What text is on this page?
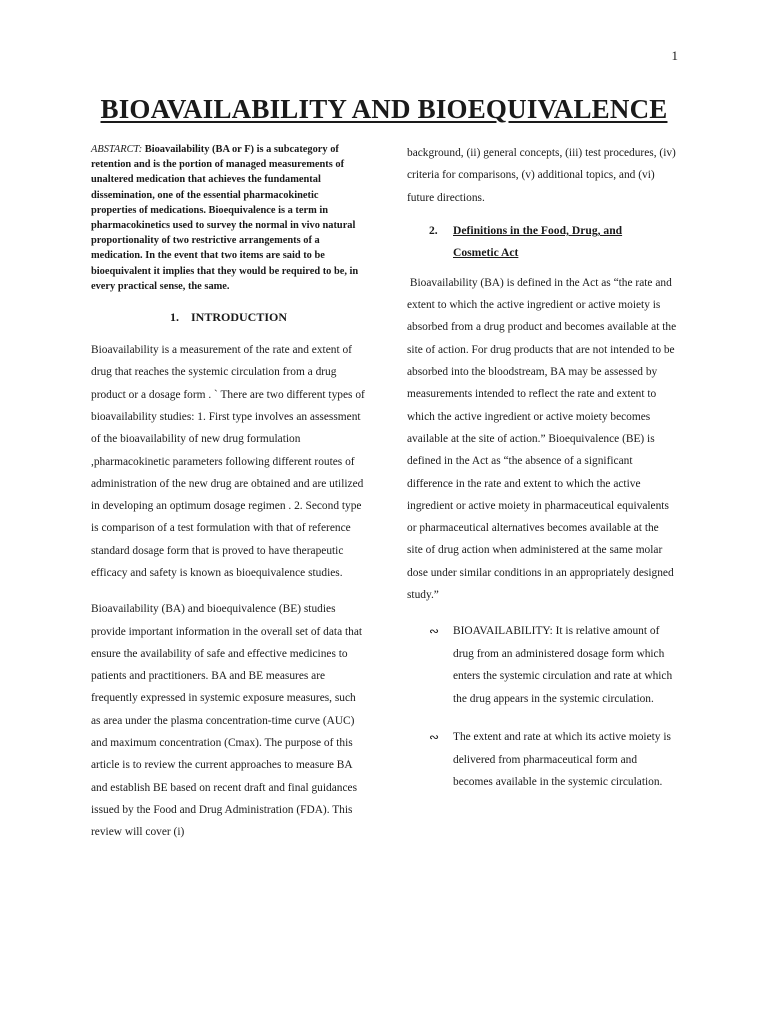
1
BIOAVAILABILITY AND BIOEQUIVALENCE

ABSTARCT: Bioavailability (BA or F) is a subcategory of retention and is the portion of managed measurements of unaltered medication that achieves the fundamental dissemination, one of the essential pharmacokinetic properties of medications. Bioequivalence is a term in pharmacokinetics used to survey the normal in vivo natural proportionality of two restrictive arrangements of a medication. In the event that two items are said to be bioequivalent it implies that they would be required to be, in every practical sense, the same.

1. INTRODUCTION

Bioavailability is a measurement of the rate and extent of drug that reaches the systemic circulation from a drug product or a dosage form . ` There are two different types of bioavailability studies: 1. First type involves an assessment of the bioavailability of new drug formulation ,pharmacokinetic parameters following different routes of administration of the new drug are obtained and are utilized in developing an optimum dosage regimen . 2. Second type is comparison of a test formulation with that of reference standard dosage form that is proved to have therapeutic efficacy and safety is known as bioequivalence studies.

Bioavailability (BA) and bioequivalence (BE) studies provide important information in the overall set of data that ensure the availability of safe and effective medicines to patients and practitioners. BA and BE measures are frequently expressed in systemic exposure measures, such as area under the plasma concentration-time curve (AUC) and maximum concentration (Cmax). The purpose of this article is to review the current approaches to measure BA and establish BE based on recent draft and final guidances issued by the Food and Drug Administration (FDA). This review will cover (i)

background, (ii) general concepts, (iii) test procedures, (iv) criteria for comparisons, (v) additional topics, and (vi) future directions.

2.	Definitions in the Food, Drug, and Cosmetic Act

Bioavailability (BA) is defined in the Act as “the rate and extent to which the active ingredient or active moiety is absorbed from a drug product and becomes available at the site of action. For drug products that are not intended to be absorbed into the bloodstream, BA may be assessed by measurements intended to reflect the rate and extent to which the active ingredient or active moiety becomes available at the site of action.” Bioequivalence (BE) is defined in the Act as “the absence of a significant difference in the rate and extent to which the active ingredient or active moiety in pharmaceutical equivalents or pharmaceutical alternatives becomes available at the site of drug action when administered at the same molar dose under similar conditions in an appropriately designed study.”

∾	BIOAVAILABILITY: It is relative amount of drug from an administered dosage form which enters the systemic circulation and rate at which the drug appears in the systemic circulation.
∾	The extent and rate at which its active moiety is delivered from pharmaceutical form and becomes available in the systemic circulation.
